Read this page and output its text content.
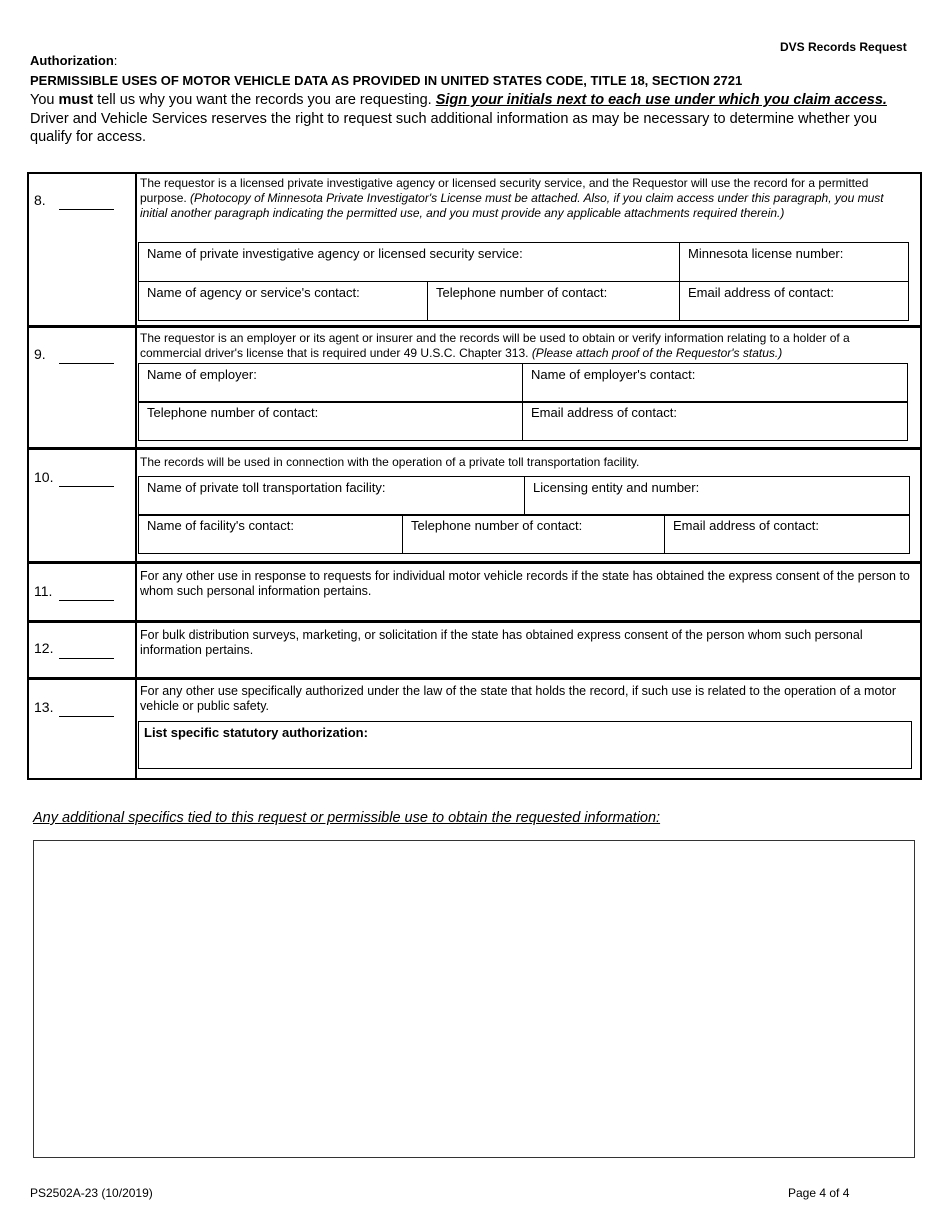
DVS Records Request
Authorization:
PERMISSIBLE USES OF MOTOR VEHICLE DATA AS PROVIDED IN UNITED STATES CODE, TITLE 18, SECTION 2721
You must tell us why you want the records you are requesting. Sign your initials next to each use under which you claim access. Driver and Vehicle Services reserves the right to request such additional information as may be necessary to determine whether you qualify for access.
8.
The requestor is a licensed private investigative agency or licensed security service, and the Requestor will use the record for a permitted purpose. (Photocopy of Minnesota Private Investigator's License must be attached. Also, if you claim access under this paragraph, you must initial another paragraph indicating the permitted use, and you must provide any applicable attachments required therein.)
Name of private investigative agency or licensed security service:	Minnesota license number:
Name of agency or service's contact:	Telephone number of contact:	Email address of contact:
9.
The requestor is an employer or its agent or insurer and the records will be used to obtain or verify information relating to a holder of a commercial driver's license that is required under 49 U.S.C. Chapter 313. (Please attach proof of the Requestor's status.)
Name of employer:	Name of employer's contact:
Telephone number of contact:	Email address of contact:
10.
The records will be used in connection with the operation of a private toll transportation facility.
Name of private toll transportation facility:	Licensing entity and number:
Name of facility's contact:	Telephone number of contact:	Email address of contact:
11.
For any other use in response to requests for individual motor vehicle records if the state has obtained the express consent of the person to whom such personal information pertains.
12.
For bulk distribution surveys, marketing, or solicitation if the state has obtained express consent of the person whom such personal information pertains.
13.
For any other use specifically authorized under the law of the state that holds the record, if such use is related to the operation of a motor vehicle or public safety.
List specific statutory authorization:
Any additional specifics tied to this request or permissible use to obtain the requested information:
PS2502A-23 (10/2019)	Page 4 of 4
